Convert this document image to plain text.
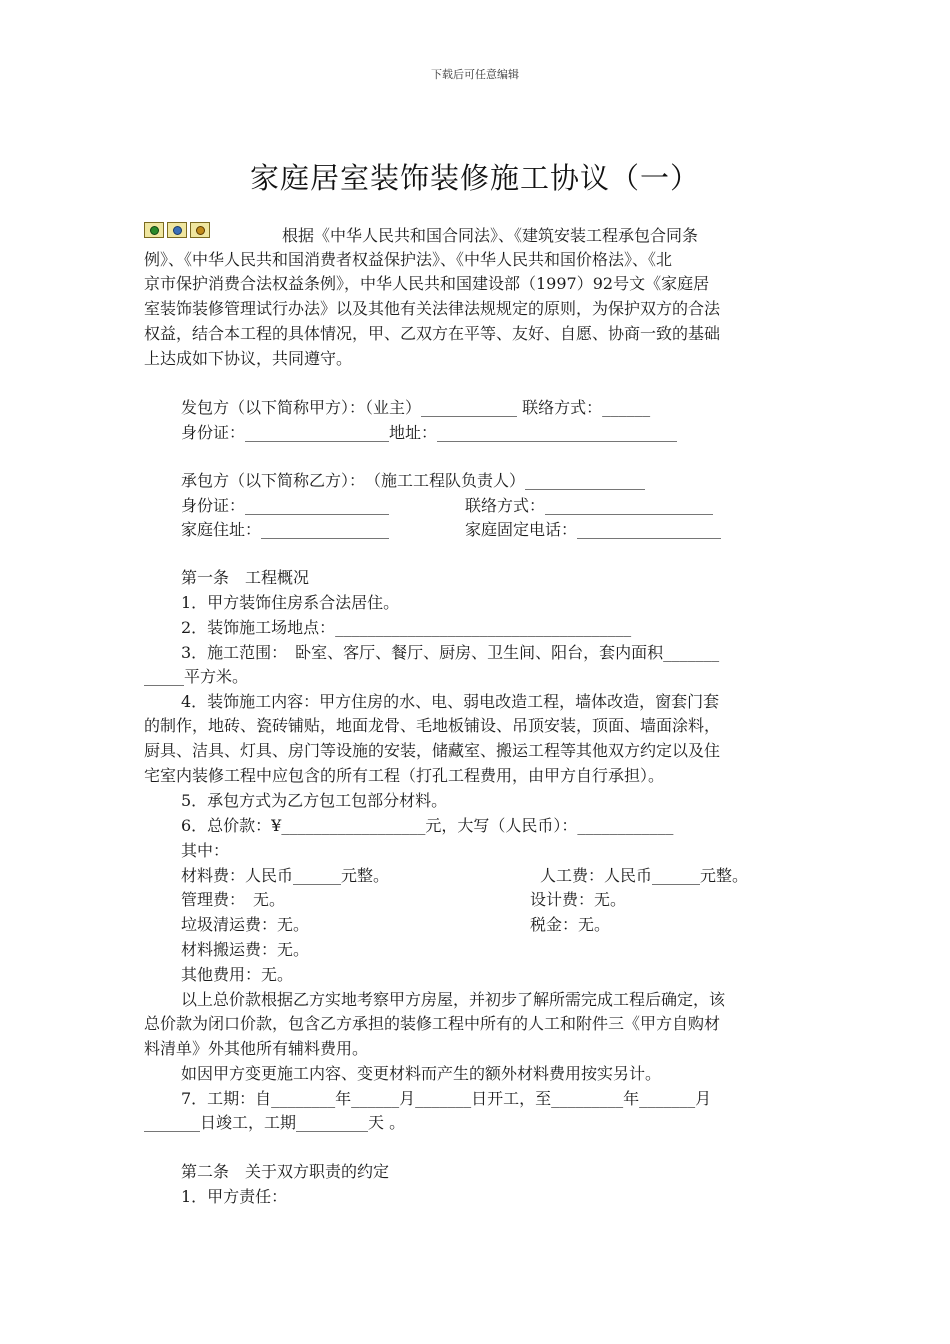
下载后可任意编辑
家庭居室装饰装修施工协议（一）
根据《中华人民共和国合同法》、《建筑安装工程承包合同条
例》、《中华人民共和国消费者权益保护法》、《中华人民共和国价格法》、《北
京市保护消费合法权益条例》，中华人民共和国建设部（1997）92号文《家庭居
室装饰装修管理试行办法》以及其他有关法律法规规定的原则，为保护双方的合法
权益，结合本工程的具体情况，甲、乙双方在平等、友好、自愿、协商一致的基础
上达成如下协议，共同遵守。
发包方（以下简称甲方）：（业主）____________ 联络方式：______
身份证：__________________地址：______________________________
承包方（以下简称乙方）：　（施工工程队负责人）_______________
身份证：__________________
家庭住址：________________
第一条　工程概况
1．甲方装饰住房系合法居住。
2．装饰施工场地点：_____________________________________
3．施工范围：　卧室、客厅、餐厅、厨房、卫生间、阳台，套内面积_______
_____平方米。
4．装饰施工内容：甲方住房的水、电、弱电改造工程，墙体改造，窗套门套
的制作，地砖、瓷砖铺贴，地面龙骨、毛地板铺设、吊顶安装，顶面、墙面涂料，
厨具、洁具、灯具、房门等设施的安装，储藏室、搬运工程等其他双方约定以及住
宅室内装修工程中应包含的所有工程（打孔工程费用，由甲方自行承担）。
5．承包方式为乙方包工包部分材料。
6．总价款：¥__________________元，大写（人民币）：____________
其中：
材料费：人民币______元整。
管理费：　无。
垃圾清运费：无。
材料搬运费：无。
其他费用：无。
以上总价款根据乙方实地考察甲方房屋，并初步了解所需完成工程后确定，该
总价款为闭口价款，包含乙方承担的装修工程中所有的人工和附件三《甲方自购材
料清单》外其他所有辅料费用。
如因甲方变更施工内容、变更材料而产生的额外材料费用按实另计。
7．工期：自________年______月_______日开工，至_________年_______月
_______日竣工，工期_________天 。
第二条　关于双方职责的约定
1．甲方责任：
联络方式：_____________________
家庭固定电话：__________________
人工费：人民币______元整。
设计费：无。
税金：无。
